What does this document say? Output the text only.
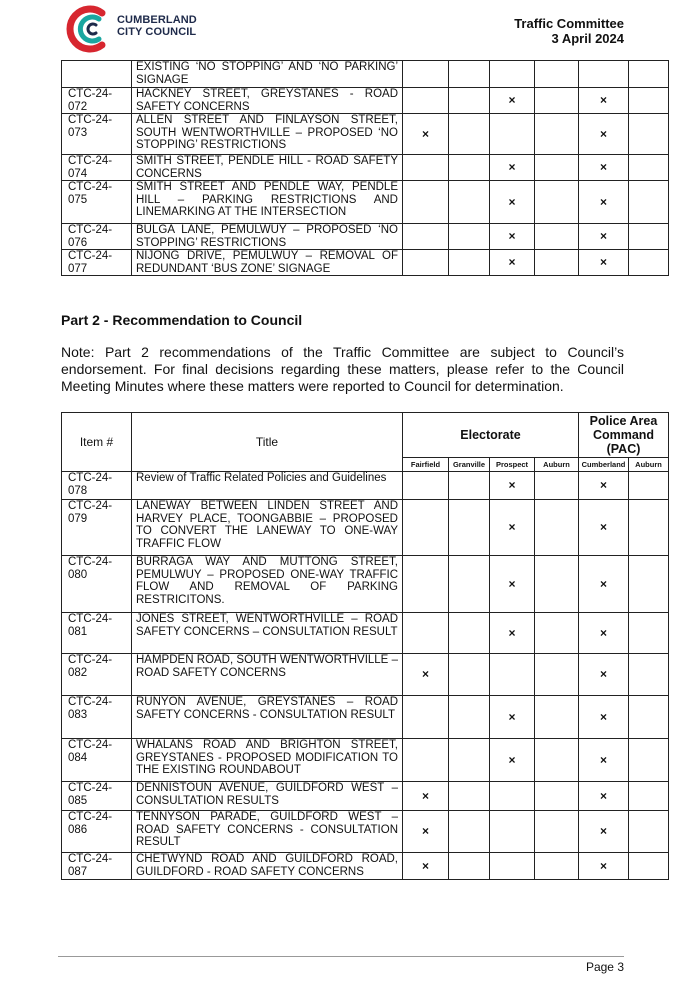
CUMBERLAND
CITY COUNCIL
Traffic Committee
3 April 2024
	EXISTING ‘NO STOPPING’ AND ‘NO PARKING’ SIGNAGE						
CTC-24-072	HACKNEY STREET, GREYSTANES - ROAD SAFETY CONCERNS			×		×	
CTC-24-073	ALLEN STREET AND FINLAYSON STREET, SOUTH WENTWORTHVILLE – PROPOSED ‘NO STOPPING’ RESTRICTIONS	×				×	
CTC-24-074	SMITH STREET, PENDLE HILL - ROAD SAFETY CONCERNS			×		×	
CTC-24-075	SMITH STREET AND PENDLE WAY, PENDLE HILL – PARKING RESTRICTIONS AND LINEMARKING AT THE INTERSECTION			×		×	
CTC-24-076	BULGA LANE, PEMULWUY – PROPOSED ‘NO STOPPING’ RESTRICTIONS			×		×	
CTC-24-077	NIJONG DRIVE, PEMULWUY – REMOVAL OF REDUNDANT ‘BUS ZONE’ SIGNAGE			×		×	
Part 2 - Recommendation to Council
Note: Part 2 recommendations of the Traffic Committee are subject to Council’s endorsement. For final decisions regarding these matters, please refer to the Council Meeting Minutes where these matters were reported to Council for determination.
Item #	Title	Electorate				Police Area Command (PAC)	
		Fairfield	Granville	Prospect	Auburn	Cumberland	Auburn
CTC-24-078	Review of Traffic Related Policies and Guidelines			×		×	
CTC-24-079	LANEWAY BETWEEN LINDEN STREET AND HARVEY PLACE, TOONGABBIE – PROPOSED TO CONVERT THE LANEWAY TO ONE-WAY TRAFFIC FLOW			×		×	
CTC-24-080	BURRAGA WAY AND MUTTONG STREET, PEMULWUY – PROPOSED ONE-WAY TRAFFIC FLOW AND REMOVAL OF PARKING RESTRICITONS.			×		×	
CTC-24-081	JONES STREET, WENTWORTHVILLE – ROAD SAFETY CONCERNS – CONSULTATION RESULT			×		×	
CTC-24-082	HAMPDEN ROAD, SOUTH WENTWORTHVILLE – ROAD SAFETY CONCERNS	×				×	
CTC-24-083	RUNYON AVENUE, GREYSTANES – ROAD SAFETY CONCERNS - CONSULTATION RESULT			×		×	
CTC-24-084	WHALANS ROAD AND BRIGHTON STREET, GREYSTANES - PROPOSED MODIFICATION TO THE EXISTING ROUNDABOUT			×		×	
CTC-24-085	DENNISTOUN AVENUE, GUILDFORD WEST – CONSULTATION RESULTS	×				×	
CTC-24-086	TENNYSON PARADE, GUILDFORD WEST – ROAD SAFETY CONCERNS - CONSULTATION RESULT	×				×	
CTC-24-087	CHETWYND ROAD AND GUILDFORD ROAD, GUILDFORD - ROAD SAFETY CONCERNS	×				×	
Page 3
